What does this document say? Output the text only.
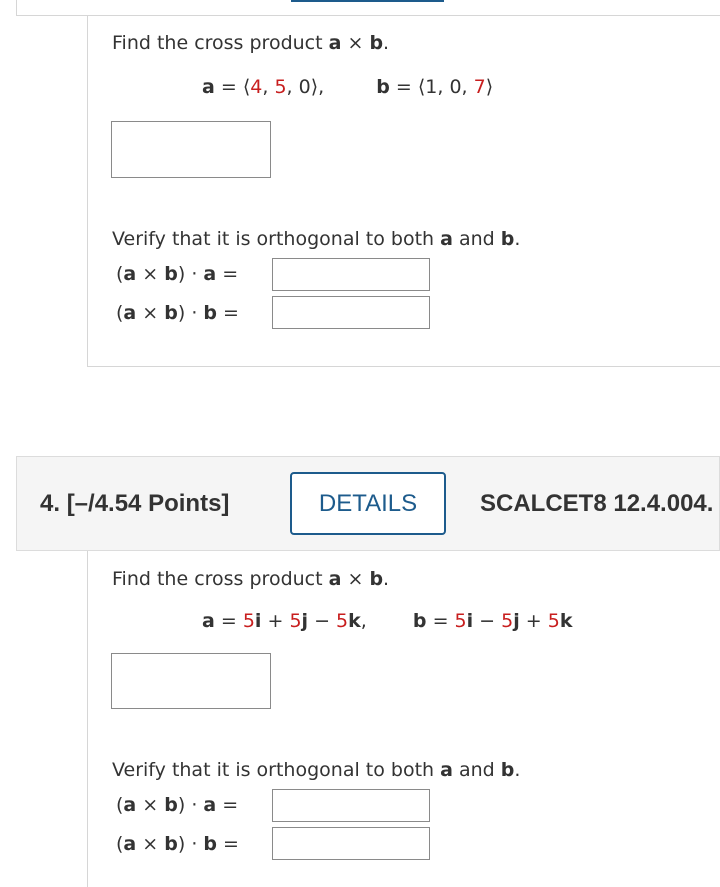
Find the cross product a × b.
a = ⟨4, 5, 0⟩,	b = ⟨1, 0, 7⟩
Verify that it is orthogonal to both a and b.
(a × b) · a =
(a × b) · b =
4. [–/4.54 Points]	DETAILS	SCALCET8 12.4.004.
Find the cross product a × b.
a = 5i + 5j − 5k, b = 5i − 5j + 5k
Verify that it is orthogonal to both a and b.
(a × b) · a =
(a × b) · b =
